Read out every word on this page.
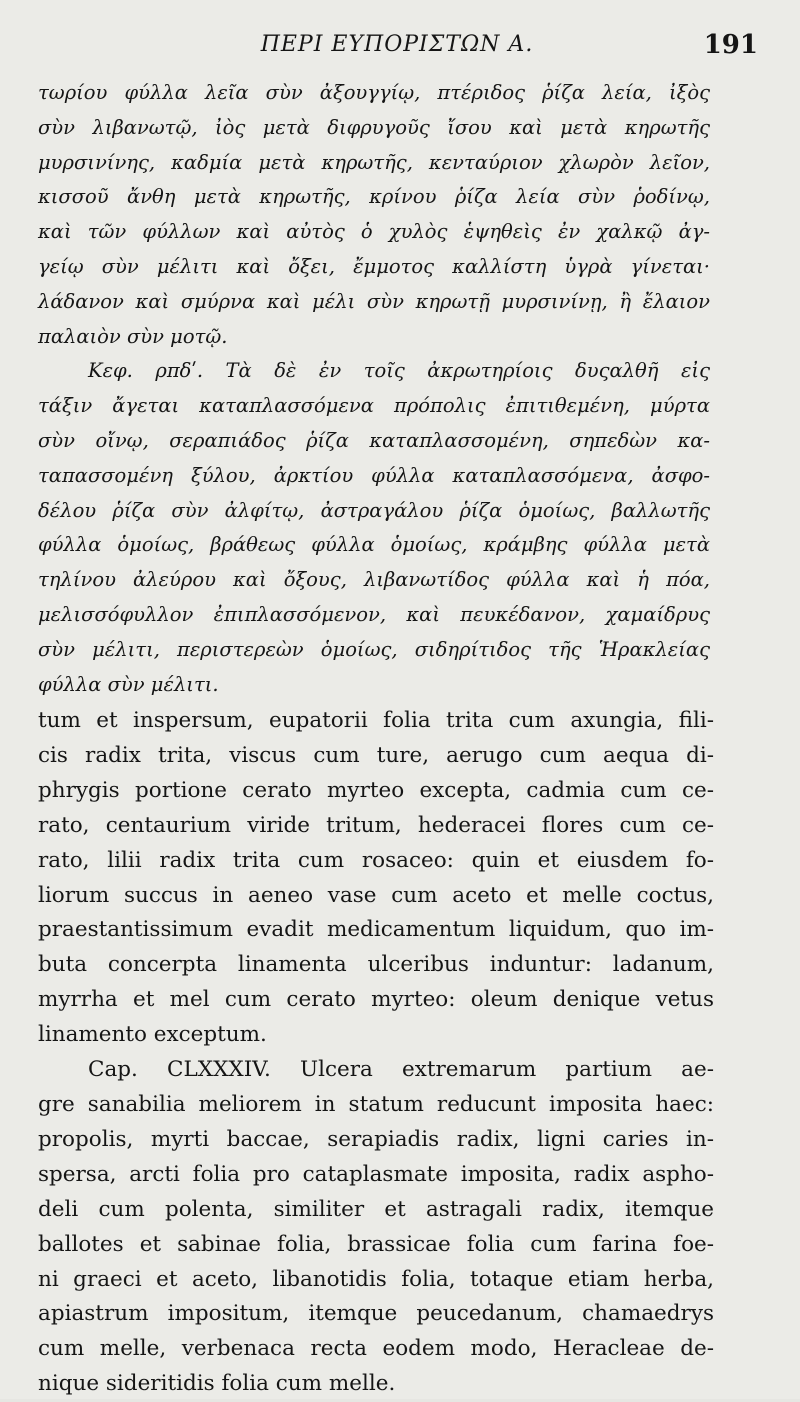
ΠΕΡΙ ΕΥΠΟΡΙΣΤΩΝ Α.	191
τωρίου φύλλα λεῖα σὺν ἀξουγγίῳ, πτέριδος ῥίζα λεία, ἰξὸς
σὺν λιβανωτῷ, ἰὸς μετὰ διφρυγοῦς ἴσου καὶ μετὰ κηρωτῆς
μυρσινίνης, καδμία μετὰ κηρωτῆς, κενταύριον χλωρὸν λεῖον,
κισσοῦ ἄνθη μετὰ κηρωτῆς, κρίνου ῥίζα λεία σὺν ῥοδίνῳ,
καὶ τῶν φύλλων καὶ αὐτὸς ὁ χυλὸς ἑψηθεὶς ἐν χαλκῷ ἀγ-
γείῳ σὺν μέλιτι καὶ ὄξει, ἔμμοτος καλλίστη ὑγρὰ γίνεται·
λάδανον καὶ σμύρνα καὶ μέλι σὺν κηρωτῇ μυρσινίνῃ, ἢ ἔλαιον
παλαιὸν σὺν μοτῷ.
Κεφ. ρπδʹ. Τὰ δὲ ἐν τοῖς ἀκρωτηρίοις δυςαλθῆ εἰς
τάξιν ἄγεται καταπλασσόμενα πρόπολις ἐπιτιθεμένη, μύρτα
σὺν οἴνῳ, σεραπιάδος ῥίζα καταπλασσομένη, σηπεδὼν κα-
ταπασσομένη ξύλου, ἀρκτίου φύλλα καταπλασσόμενα, ἀσφο-
δέλου ῥίζα σὺν ἀλφίτῳ, ἀστραγάλου ῥίζα ὁμοίως, βαλλωτῆς
φύλλα ὁμοίως, βράθεως φύλλα ὁμοίως, κράμβης φύλλα μετὰ
τηλίνου ἀλεύρου καὶ ὄξους, λιβανωτίδος φύλλα καὶ ἡ πόα,
μελισσόφυλλον ἐπιπλασσόμενον, καὶ πευκέδανον, χαμαίδρυς
σὺν μέλιτι, περιστερεὼν ὁμοίως, σιδηρίτιδος τῆς Ἡρακλείας
φύλλα σὺν μέλιτι.
tum et inspersum, eupatorii folia trita cum axungia, fili-
cis radix trita, viscus cum ture, aerugo cum aequa di-
phrygis portione cerato myrteo excepta, cadmia cum ce-
rato, centaurium viride tritum, hederacei flores cum ce-
rato, lilii radix trita cum rosaceo: quin et eiusdem fo-
liorum succus in aeneo vase cum aceto et melle coctus,
praestantissimum evadit medicamentum liquidum, quo im-
buta concerpta linamenta ulceribus induntur: ladanum,
myrrha et mel cum cerato myrteo: oleum denique vetus
linamento exceptum.
Cap. CLXXXIV. Ulcera extremarum partium ae-
gre sanabilia meliorem in statum reducunt imposita haec:
propolis, myrti baccae, serapiadis radix, ligni caries in-
spersa, arcti folia pro cataplasmate imposita, radix aspho-
deli cum polenta, similiter et astragali radix, itemque
ballotes et sabinae folia, brassicae folia cum farina foe-
ni graeci et aceto, libanotidis folia, totaque etiam herba,
apiastrum impositum, itemque peucedanum, chamaedrys
cum melle, verbenaca recta eodem modo, Heracleae de-
nique sideritidis folia cum melle.
